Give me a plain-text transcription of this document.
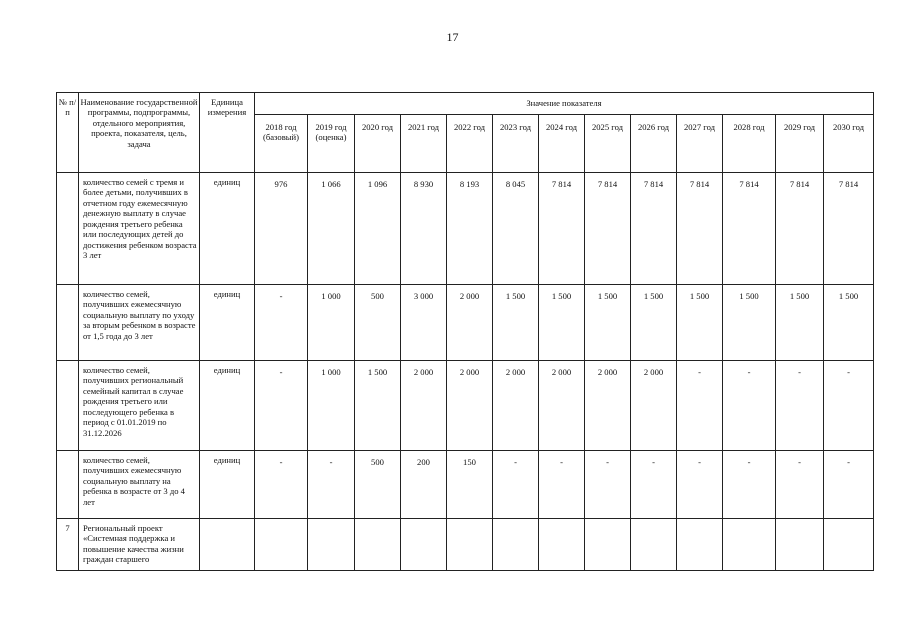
17
№ п/п	Наименование государственной программы, подпрограммы, отдельного мероприятия, проекта, показателя, цель, задача	Единица измерения	Значение показателя												
			2018 год (базовый)	2019 год (оценка)	2020 год	2021 год	2022 год	2023 год	2024 год	2025 год	2026 год	2027 год	2028 год	2029 год	2030 год
	количество семей с тремя и более детьми, получивших в отчетном году ежемесячную денежную выплату в случае рождения третьего ребенка или последующих детей до достижения ребенком возраста 3 лет	единиц	976	1 066	1 096	8 930	8 193	8 045	7 814	7 814	7 814	7 814	7 814	7 814	7 814
	количество семей, получивших ежемесячную социальную выплату по уходу за вторым ребенком в возрасте от 1,5 года до 3 лет	единиц	-	1 000	500	3 000	2 000	1 500	1 500	1 500	1 500	1 500	1 500	1 500	1 500
	количество семей, получивших региональный семейный капитал в случае рождения третьего или последующего ребенка в период с 01.01.2019 по 31.12.2026	единиц	-	1 000	1 500	2 000	2 000	2 000	2 000	2 000	2 000	-	-	-	-
	количество семей, получивших ежемесячную социальную выплату на ребенка в возрасте от 3 до 4 лет	единиц	-	-	500	200	150	-	-	-	-	-	-	-	-
7	Региональный проект «Системная поддержка и повышение качества жизни граждан старшего														
